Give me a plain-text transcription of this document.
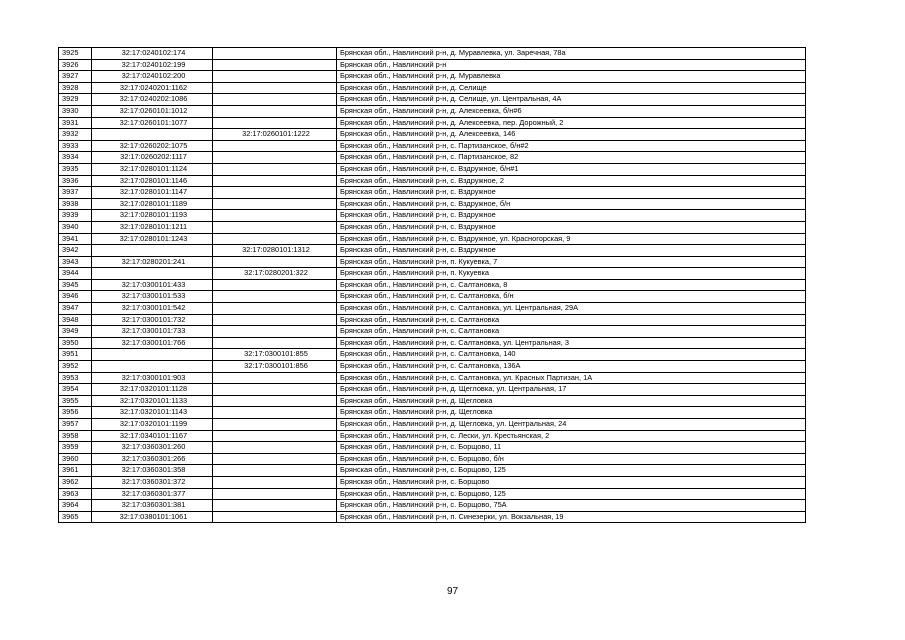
3925	32:17:0240102:174		Брянская обл., Навлинский р-н, д. Муравлевка, ул. Заречная, 78а
3926	32:17:0240102:199		Брянская обл., Навлинский р-н
3927	32:17:0240102:200		Брянская обл., Навлинский р-н, д. Муравлевка
3928	32:17:0240201:1162		Брянская обл., Навлинский р-н, д. Селище
3929	32:17:0240202:1086		Брянская обл., Навлинский р-н, д. Селище, ул. Центральная, 4А
3930	32:17:0260101:1012		Брянская обл., Навлинский р-н, д. Алексеевка, б/н#6
3931	32:17:0260101:1077		Брянская обл., Навлинский р-н, д. Алексеевка, пер. Дорожный, 2
3932		32:17:0260101:1222	Брянская обл., Навлинский р-н, д. Алексеевка, 146
3933	32:17:0260202:1075		Брянская обл., Навлинский р-н, с. Партизанское, б/н#2
3934	32:17:0260202:1117		Брянская обл., Навлинский р-н, с. Партизанское, 82
3935	32:17:0280101:1124		Брянская обл., Навлинский р-н, с. Вздружное, б/н#1
3936	32:17:0280101:1146		Брянская обл., Навлинский р-н, с. Вздружное, 2
3937	32:17:0280101:1147		Брянская обл., Навлинский р-н, с. Вздружное
3938	32:17:0280101:1189		Брянская обл., Навлинский р-н, с. Вздружное, б/н
3939	32:17:0280101:1193		Брянская обл., Навлинский р-н, с. Вздружное
3940	32:17:0280101:1211		Брянская обл., Навлинский р-н, с. Вздружное
3941	32:17:0280101:1243		Брянская обл., Навлинский р-н, с. Вздружное, ул. Красногорская, 9
3942		32:17:0280101:1312	Брянская обл., Навлинский р-н, с. Вздружное
3943	32:17:0280201:241		Брянская обл., Навлинский р-н, п. Кукуевка, 7
3944		32:17:0280201:322	Брянская обл., Навлинский р-н, п. Кукуевка
3945	32:17:0300101:433		Брянская обл., Навлинский р-н, с. Салтановка, 8
3946	32:17:0300101:533		Брянская обл., Навлинский р-н, с. Салтановка, б/н
3947	32:17:0300101:542		Брянская обл., Навлинский р-н, с. Салтановка, ул. Центральная, 29А
3948	32:17:0300101:732		Брянская обл., Навлинский р-н, с. Салтановка
3949	32:17:0300101:733		Брянская обл., Навлинский р-н, с. Салтановка
3950	32:17:0300101:766		Брянская обл., Навлинский р-н, с. Салтановка, ул. Центральная, 3
3951		32:17:0300101:855	Брянская обл., Навлинский р-н, с. Салтановка, 140
3952		32:17:0300101:856	Брянская обл., Навлинский р-н, с. Салтановка, 136А
3953	32:17:0300101:903		Брянская обл., Навлинский р-н, с. Салтановка, ул. Красных Партизан, 1А
3954	32:17:0320101:1128		Брянская обл., Навлинский р-н, д. Щегловка, ул. Центральная, 17
3955	32:17:0320101:1133		Брянская обл., Навлинский р-н, д. Щегловка
3956	32:17:0320101:1143		Брянская обл., Навлинский р-н, д. Щегловка
3957	32:17:0320101:1199		Брянская обл., Навлинский р-н, д. Щегловка, ул. Центральная, 24
3958	32:17:0340101:1167		Брянская обл., Навлинский р-н, с. Лески, ул. Крестьянская, 2
3959	32:17:0360301:260		Брянская обл., Навлинский р-н, с. Борщово, 11
3960	32:17:0360301:266		Брянская обл., Навлинский р-н, с. Борщово, б/н
3961	32:17:0360301:358		Брянская обл., Навлинский р-н, с. Борщово, 125
3962	32:17:0360301:372		Брянская обл., Навлинский р-н, с. Борщово
3963	32:17:0360301:377		Брянская обл., Навлинский р-н, с. Борщово, 125
3964	32:17:0360301:381		Брянская обл., Навлинский р-н, с. Борщово, 75А
3965	32:17:0380101:1061		Брянская обл., Навлинский р-н, п. Синезерки, ул. Вокзальная, 19
97
